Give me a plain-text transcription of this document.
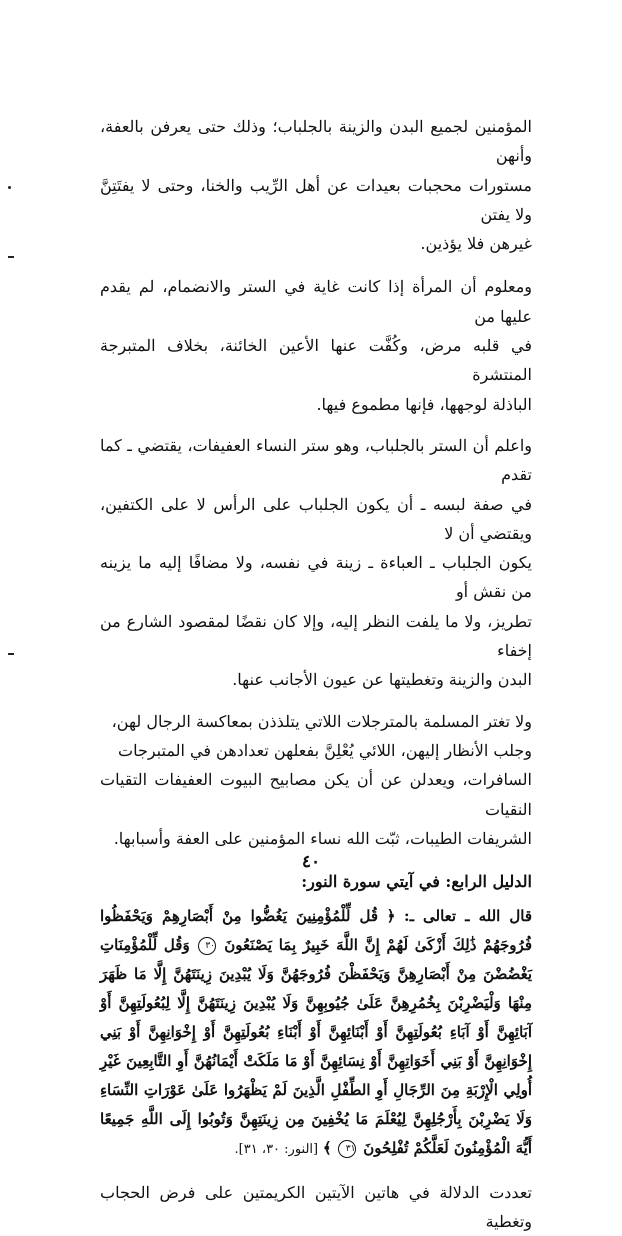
المؤمنين لجميع البدن والزينة بالجلباب؛ وذلك حتى يعرفن بالعفة، وأنهن

مستورات محجبات بعيدات عن أهل الرِّيب والخنا، وحتى لا يفتَتِنَّ ولا يفتن

غيرهن فلا يؤذين.

ومعلوم أن المرأة إذا كانت غاية في الستر والانضمام، لم يقدم عليها من

في قلبه مرض، وكُفَّت عنها الأعين الخائنة، بخلاف المتبرجة المنتشرة

الباذلة لوجهها، فإنها مطموع فيها.

واعلم أن الستر بالجلباب، وهو ستر النساء العفيفات، يقتضي ـ كما تقدم

في صفة لبسه ـ أن يكون الجلباب على الرأس لا على الكتفين، ويقتضي أن لا

يكون الجلباب ـ العباءة ـ زينة في نفسه، ولا مضافًا إليه ما يزينه من نقش أو

تطريز، ولا ما يلفت النظر إليه، وإلا كان نقضًا لمقصود الشارع من إخفاء

البدن والزينة وتغطيتها عن عيون الأجانب عنها.

ولا تغتر المسلمة بالمترجلات اللاتي يتلذذن بمعاكسة الرجال لهن،

وجلب الأنظار إليهن، اللائي يُعْلِنَّ بفعلهن تعدادهن في المتبرجات

السافرات، ويعدلن عن أن يكن مصابيح البيوت العفيفات التقيات النقيات

الشريفات الطيبات، ثبّت الله نساء المؤمنين على العفة وأسبابها.

الدليل الرابع: في آيتي سورة النور:
قال الله ـ تعالى ـ: ﴿ قُل لِّلْمُؤْمِنِينَ يَغُضُّوا مِنْ أَبْصَارِهِمْ وَيَحْفَظُوا فُرُوجَهُمْ ذَٰلِكَ أَزْكَىٰ لَهُمْ إِنَّ اللَّهَ خَبِيرٌ بِمَا يَصْنَعُونَ ٣٠ وَقُل لِّلْمُؤْمِنَاتِ يَغْضُضْنَ مِنْ أَبْصَارِهِنَّ وَيَحْفَظْنَ فُرُوجَهُنَّ وَلَا يُبْدِينَ زِينَتَهُنَّ إِلَّا مَا ظَهَرَ مِنْهَا وَلْيَضْرِبْنَ بِخُمُرِهِنَّ عَلَىٰ جُيُوبِهِنَّ وَلَا يُبْدِينَ زِينَتَهُنَّ إِلَّا لِبُعُولَتِهِنَّ أَوْ آبَائِهِنَّ أَوْ آبَاءِ بُعُولَتِهِنَّ أَوْ أَبْنَائِهِنَّ أَوْ أَبْنَاءِ بُعُولَتِهِنَّ أَوْ إِخْوَانِهِنَّ أَوْ بَنِي إِخْوَانِهِنَّ أَوْ بَنِي أَخَوَاتِهِنَّ أَوْ نِسَائِهِنَّ أَوْ مَا مَلَكَتْ أَيْمَانُهُنَّ أَوِ التَّابِعِينَ غَيْرِ أُولِي الْإِرْبَةِ مِنَ الرِّجَالِ أَوِ الطِّفْلِ الَّذِينَ لَمْ يَظْهَرُوا عَلَىٰ عَوْرَاتِ النِّسَاءِ وَلَا يَضْرِبْنَ بِأَرْجُلِهِنَّ لِيُعْلَمَ مَا يُخْفِينَ مِن زِينَتِهِنَّ وَتُوبُوا إِلَى اللَّهِ جَمِيعًا أَيُّهَ الْمُؤْمِنُونَ لَعَلَّكُمْ تُفْلِحُونَ ٣١ ﴾ [النور: ٣٠، ٣١].
تعددت الدلالة في هاتين الآيتين الكريمتين على فرض الحجاب وتغطية
٤٠
